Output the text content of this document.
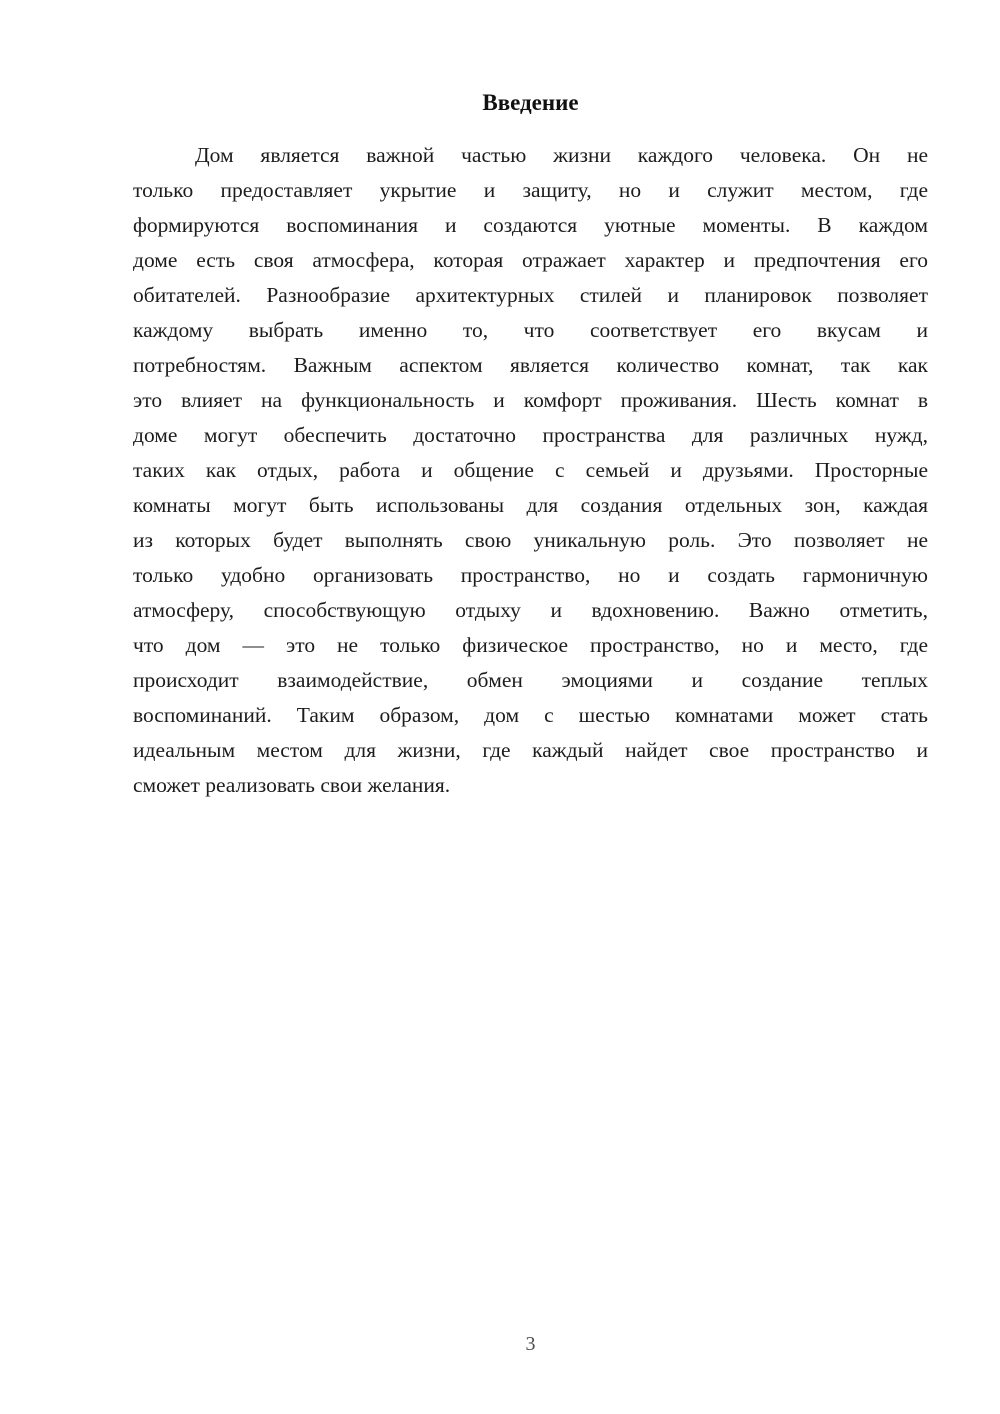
Введение
Дом является важной частью жизни каждого человека. Он не
только предоставляет укрытие и защиту, но и служит местом, где
формируются воспоминания и создаются уютные моменты. В каждом
доме есть своя атмосфера, которая отражает характер и предпочтения его
обитателей. Разнообразие архитектурных стилей и планировок позволяет
каждому выбрать именно то, что соответствует его вкусам и
потребностям. Важным аспектом является количество комнат, так как
это влияет на функциональность и комфорт проживания. Шесть комнат в
доме могут обеспечить достаточно пространства для различных нужд,
таких как отдых, работа и общение с семьей и друзьями. Просторные
комнаты могут быть использованы для создания отдельных зон, каждая
из которых будет выполнять свою уникальную роль. Это позволяет не
только удобно организовать пространство, но и создать гармоничную
атмосферу, способствующую отдыху и вдохновению. Важно отметить,
что дом — это не только физическое пространство, но и место, где
происходит взаимодействие, обмен эмоциями и создание теплых
воспоминаний. Таким образом, дом с шестью комнатами может стать
идеальным местом для жизни, где каждый найдет свое пространство и
сможет реализовать свои желания.
3
